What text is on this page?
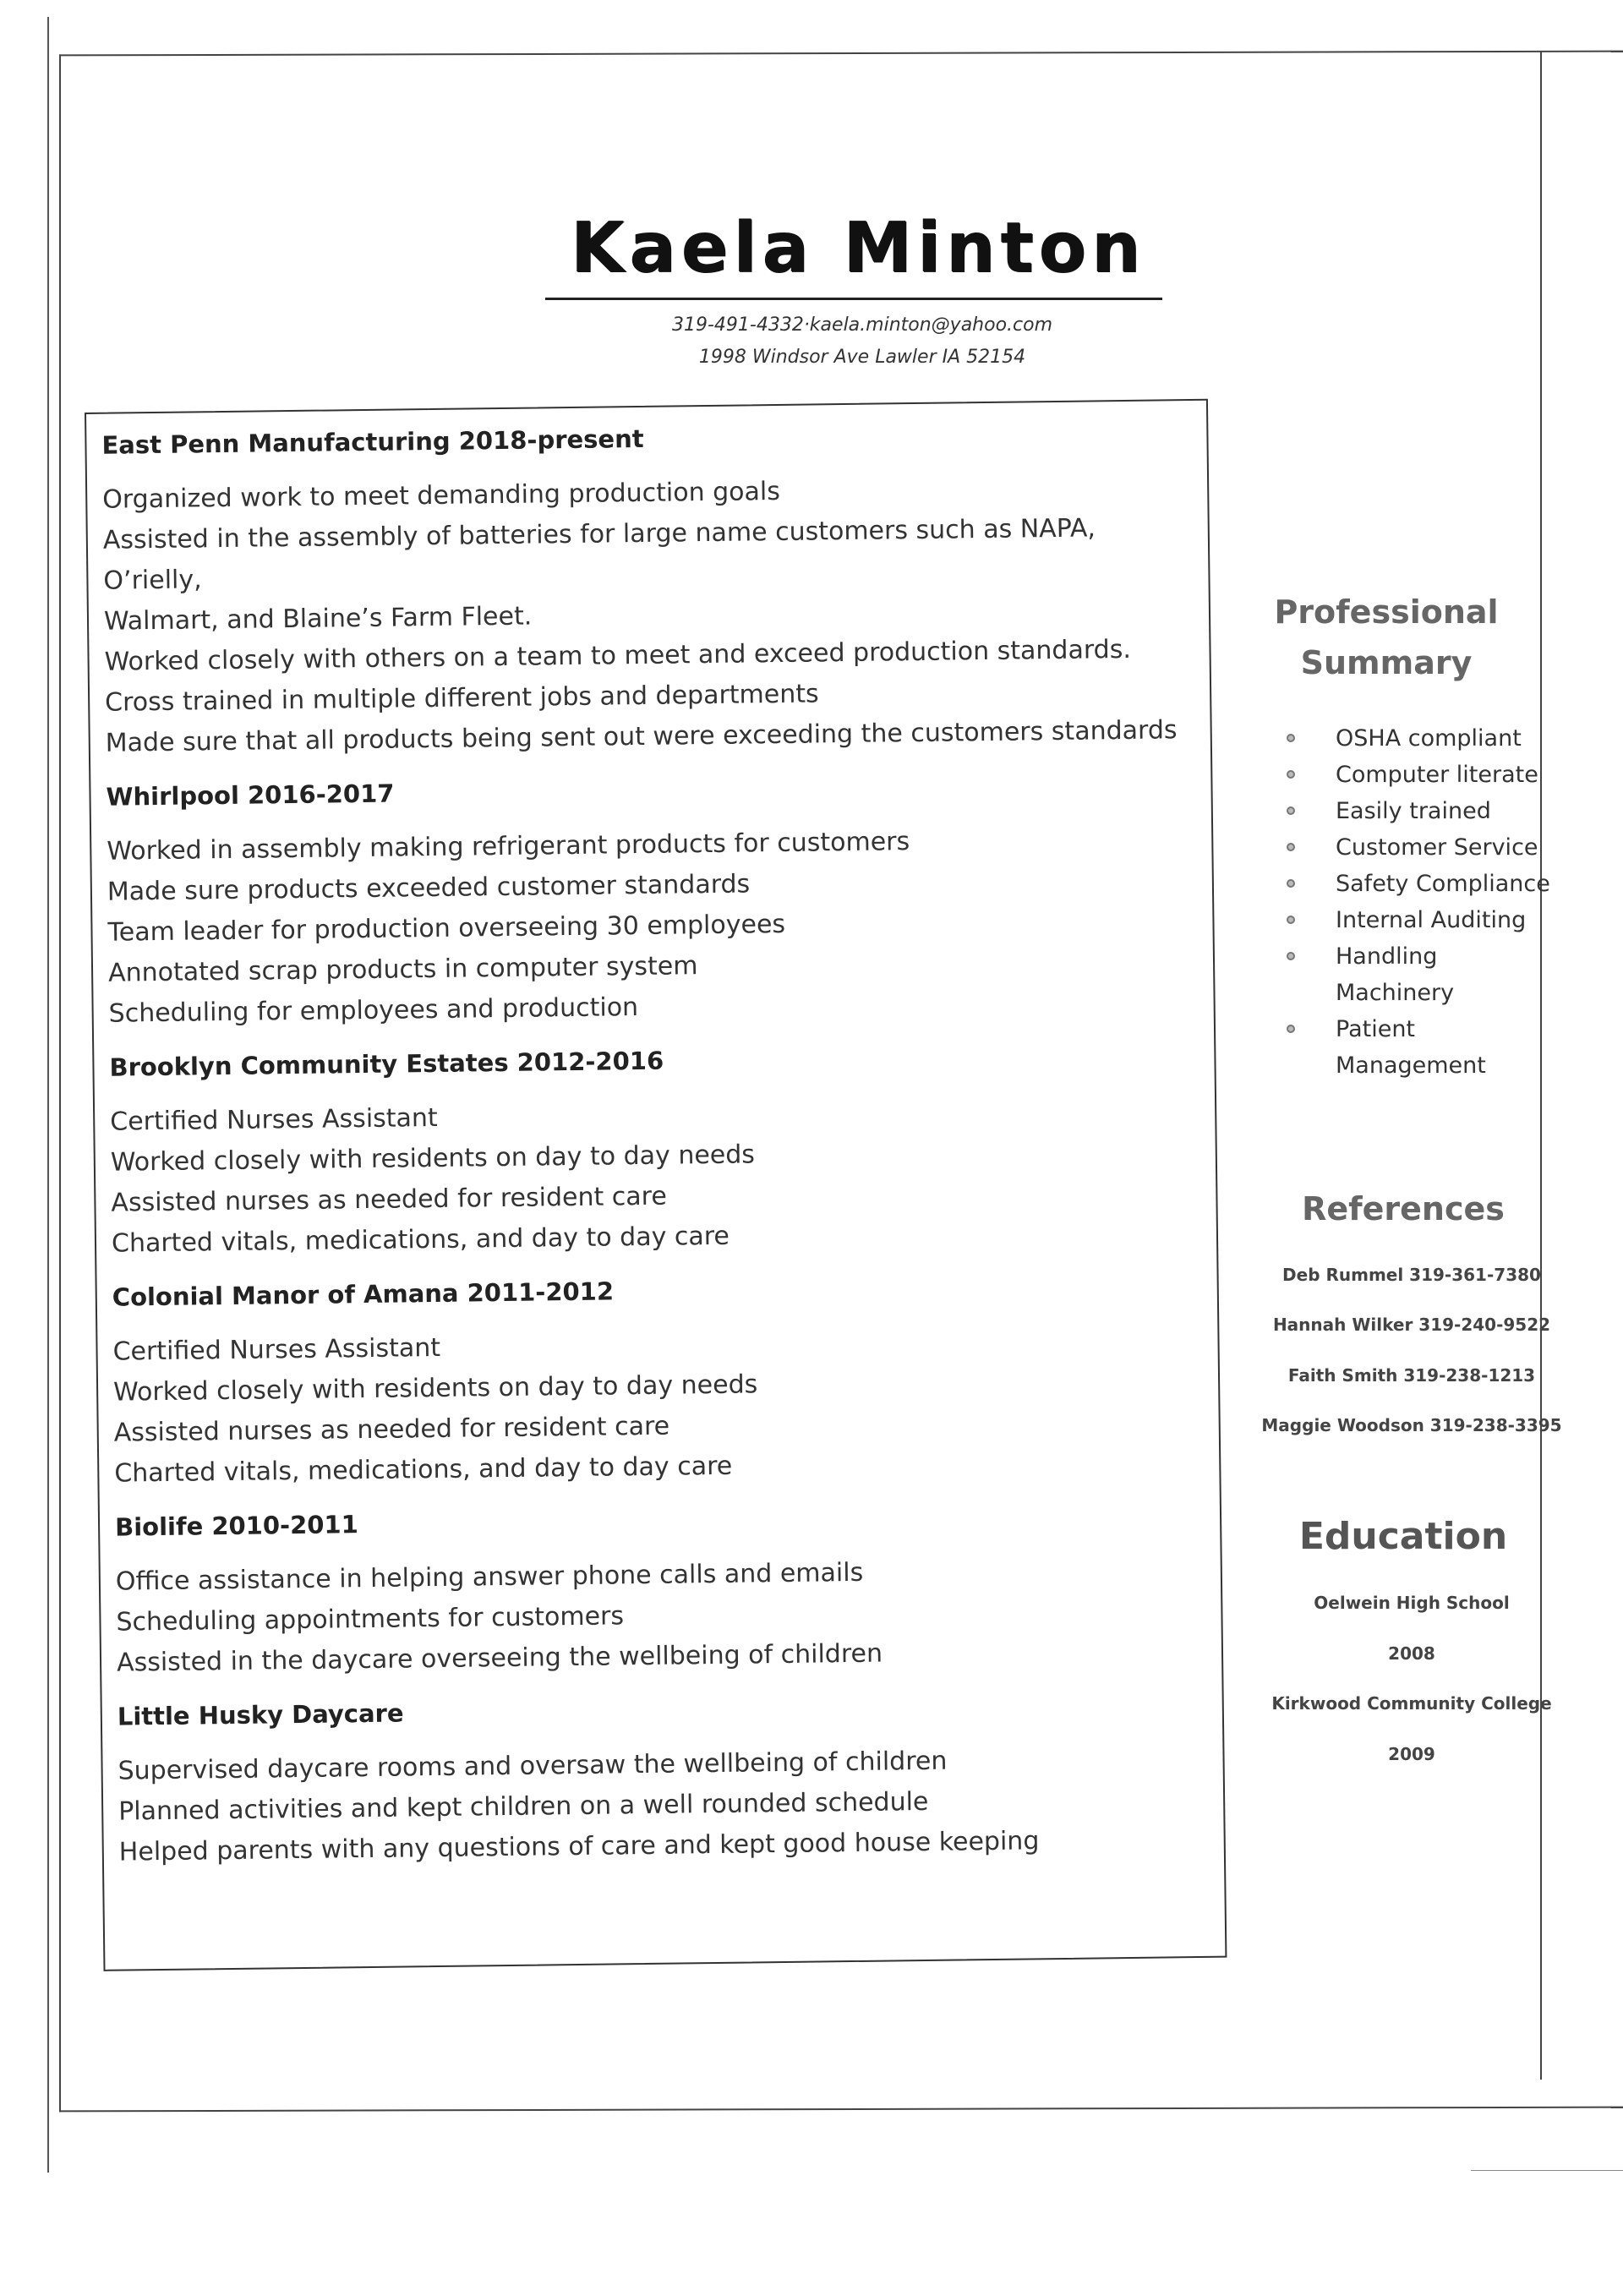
Kaela Minton
319-491-4332·kaela.minton@yahoo.com
1998 Windsor Ave Lawler IA 52154
East Penn Manufacturing 2018-present
Organized work to meet demanding production goals
Assisted in the assembly of batteries for large name customers such as NAPA, O’rielly,
Walmart, and Blaine’s Farm Fleet.
Worked closely with others on a team to meet and exceed production standards.
Cross trained in multiple different jobs and departments
Made sure that all products being sent out were exceeding the customers standards
Whirlpool 2016-2017
Worked in assembly making refrigerant products for customers
Made sure products exceeded customer standards
Team leader for production overseeing 30 employees
Annotated scrap products in computer system
Scheduling for employees and production
Brooklyn Community Estates 2012-2016
Certified Nurses Assistant
Worked closely with residents on day to day needs
Assisted nurses as needed for resident care
Charted vitals, medications, and day to day care
Colonial Manor of Amana 2011-2012
Certified Nurses Assistant
Worked closely with residents on day to day needs
Assisted nurses as needed for resident care
Charted vitals, medications, and day to day care
Biolife 2010-2011
Office assistance in helping answer phone calls and emails
Scheduling appointments for customers
Assisted in the daycare overseeing the wellbeing of children
Little Husky Daycare
Supervised daycare rooms and oversaw the wellbeing of children
Planned activities and kept children on a well rounded schedule
Helped parents with any questions of care and kept good house keeping
Professional
Summary
OSHA compliant
Computer literate
Easily trained
Customer Service
Safety Compliance
Internal Auditing
Handling Machinery
Patient Management
References
Deb Rummel 319-361-7380
Hannah Wilker 319-240-9522
Faith Smith 319-238-1213
Maggie Woodson 319-238-3395
Education
Oelwein High School
2008
Kirkwood Community College
2009
